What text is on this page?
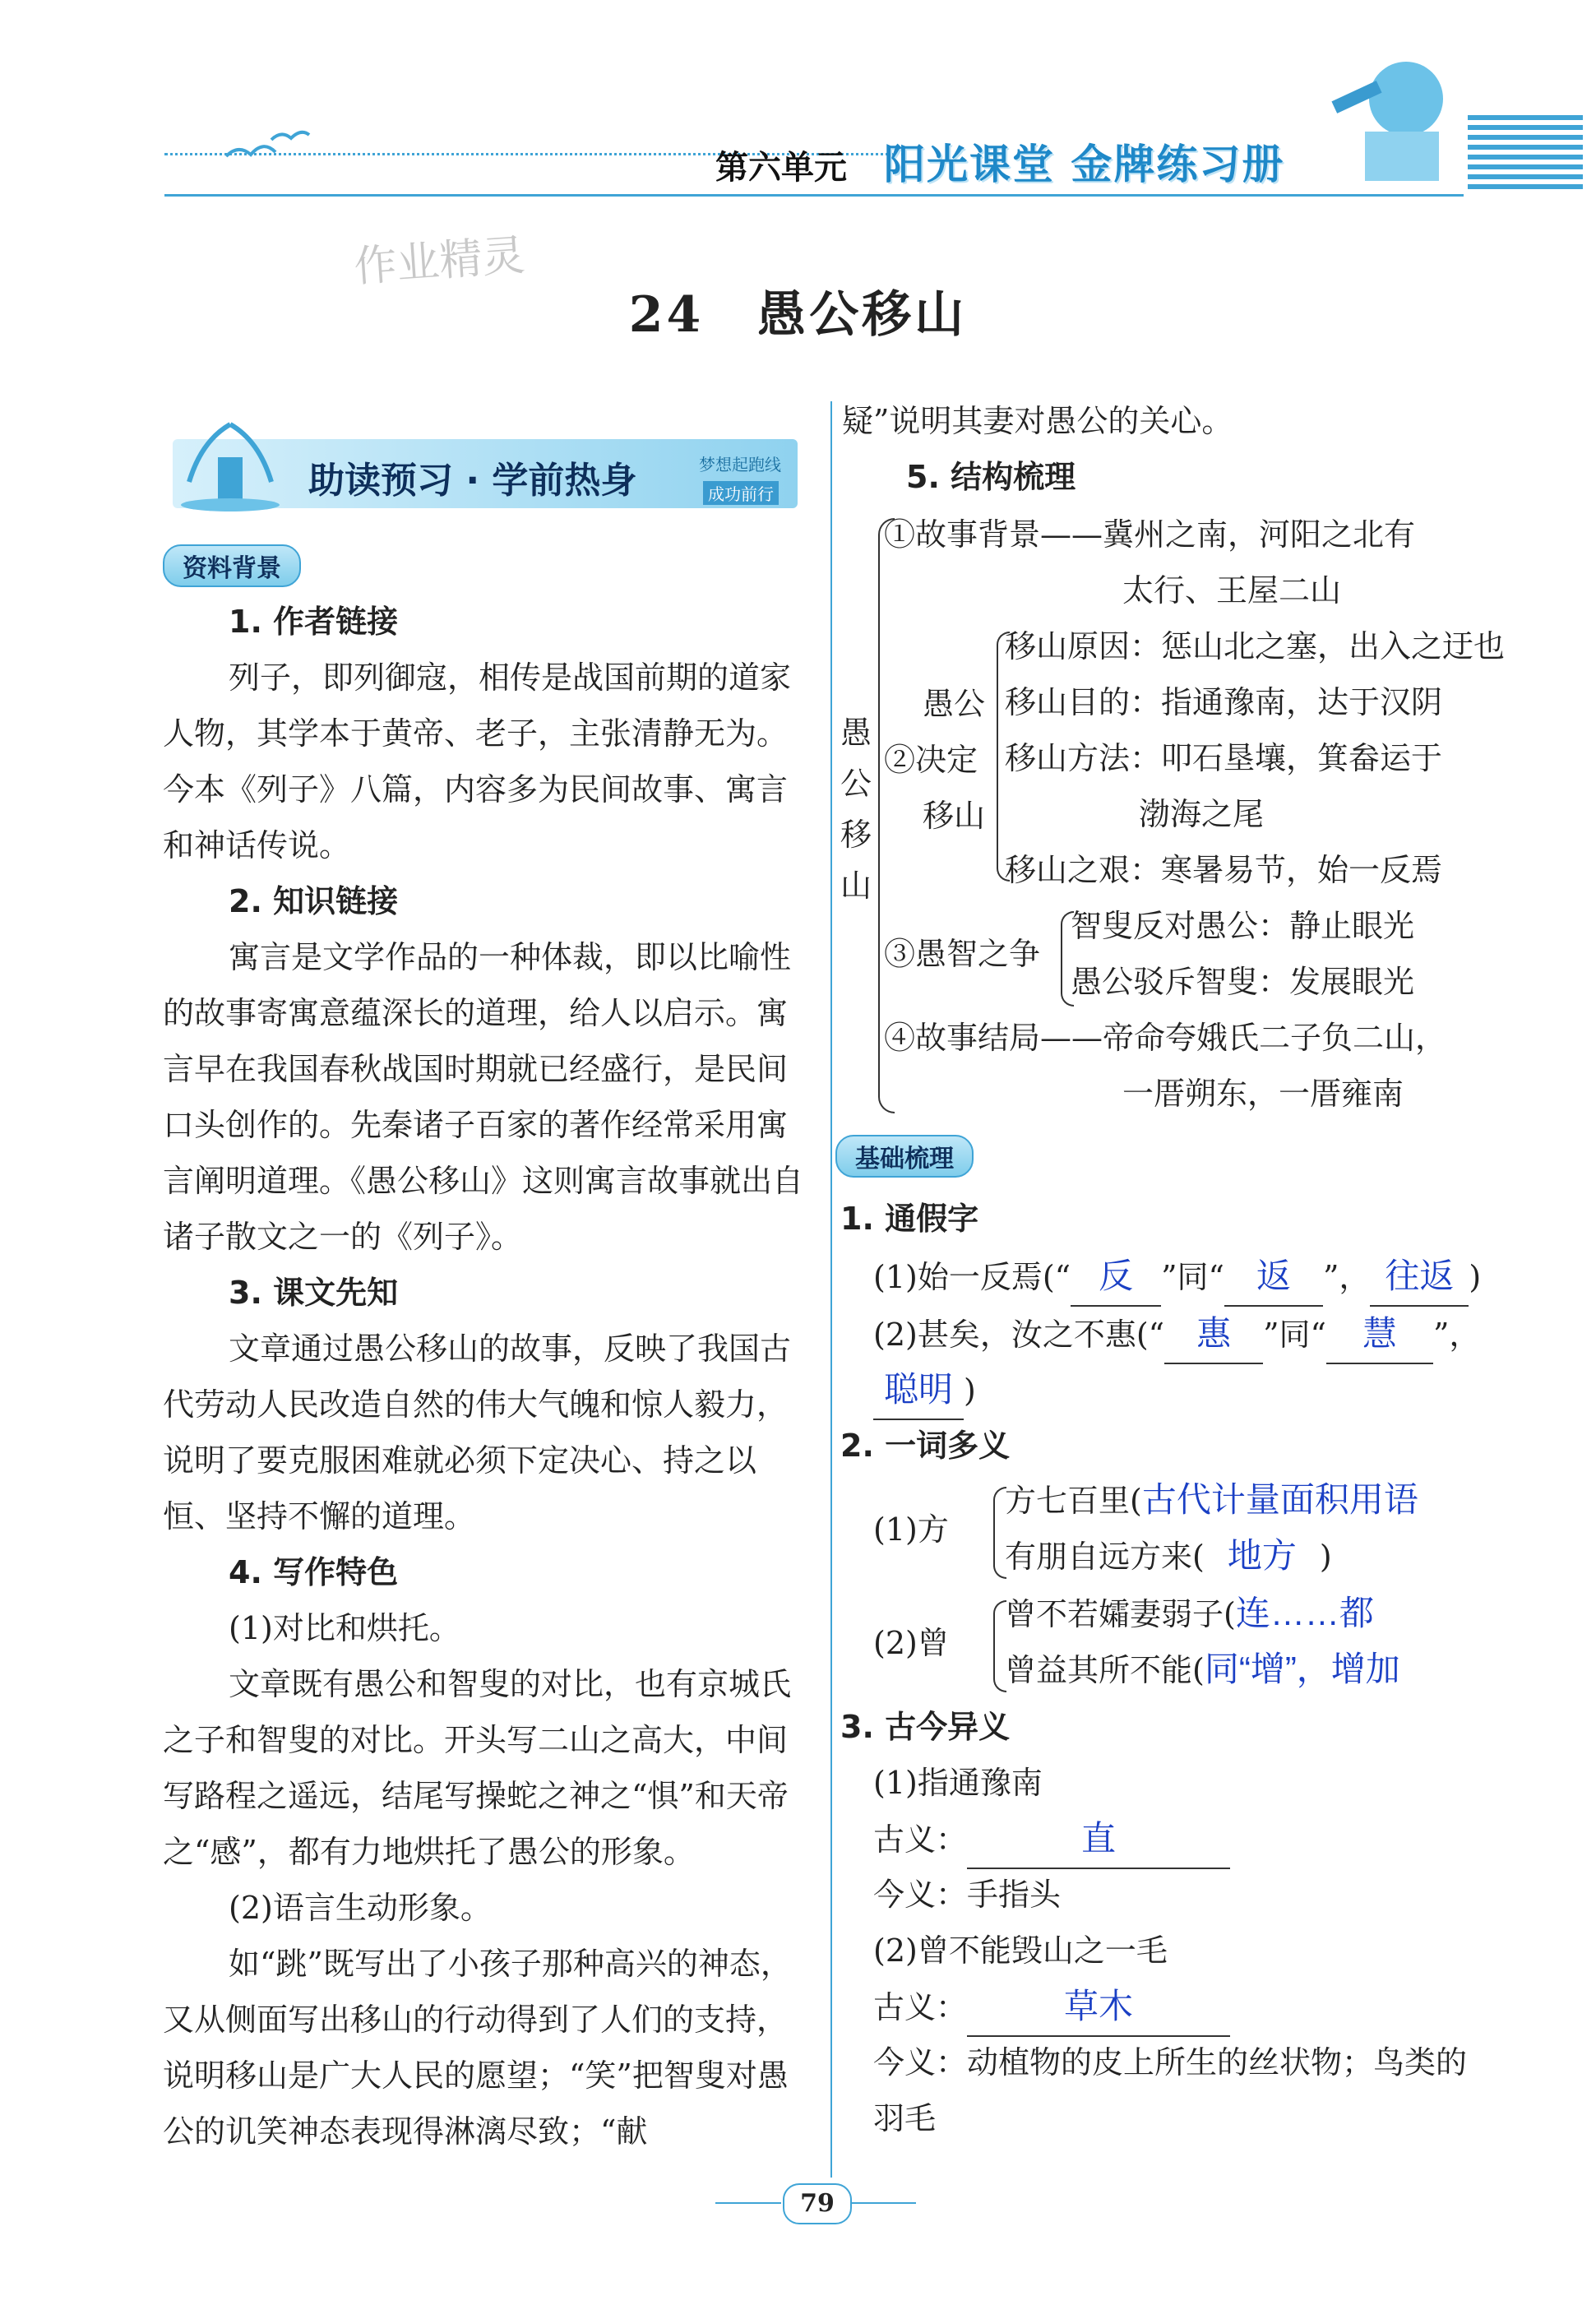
第六单元 阳光课堂 金牌练习册
作业精灵
24　愚公移山
助读预习 · 学前热身	梦想起跑线
成功前行
资料背景

1. 作者链接

列子，即列御寇，相传是战国前期的道家人物，其学本于黄帝、老子，主张清静无为。今本《列子》八篇，内容多为民间故事、寓言和神话传说。

2. 知识链接

寓言是文学作品的一种体裁，即以比喻性的故事寄寓意蕴深长的道理，给人以启示。寓言早在我国春秋战国时期就已经盛行，是民间口头创作的。先秦诸子百家的著作经常采用寓言阐明道理。《愚公移山》这则寓言故事就出自诸子散文之一的《列子》。

3. 课文先知

文章通过愚公移山的故事，反映了我国古代劳动人民改造自然的伟大气魄和惊人毅力，说明了要克服困难就必须下定决心、持之以恒、坚持不懈的道理。

4. 写作特色

(1)对比和烘托。

文章既有愚公和智叟的对比，也有京城氏之子和智叟的对比。开头写二山之高大，中间写路程之遥远，结尾写操蛇之神之“惧”和天帝之“感”，都有力地烘托了愚公的形象。

(2)语言生动形象。

如“跳”既写出了小孩子那种高兴的神态，又从侧面写出移山的行动得到了人们的支持，说明移山是广大人民的愿望；“笑”把智叟对愚公的讥笑神态表现得淋漓尽致；“献

疑”说明其妻对愚公的关心。
5. 结构梳理
愚公移山
①故事背景——冀州之南，河阳之北有
太行、王屋二山
愚公
②决定
移山
移山原因：惩山北之塞，出入之迂也
移山目的：指通豫南，达于汉阴
移山方法：叩石垦壤，箕畚运于
渤海之尾
移山之艰：寒暑易节，始一反焉
③愚智之争
智叟反对愚公：静止眼光
愚公驳斥智叟：发展眼光
④故事结局——帝命夸娥氏二子负二山，
一厝朔东，一厝雍南
基础梳理
1. 通假字
(1)始一反焉(“ 反 ”同“ 返 ”， 往返 )
(2)甚矣，汝之不惠(“ 惠 ”同“ 慧 ”，
聪明 )
2. 一词多义
(1)方
方七百里(古代计量面积用语
有朋自远方来( 地方 )
(2)曾
曾不若孀妻弱子(连……都
曾益其所不能(同“增”，增加
3. 古今异义
(1)指通豫南
古义：	直
今义：手指头
(2)曾不能毁山之一毛
古义：	草木
今义：动植物的皮上所生的丝状物；鸟类的
羽毛
79
